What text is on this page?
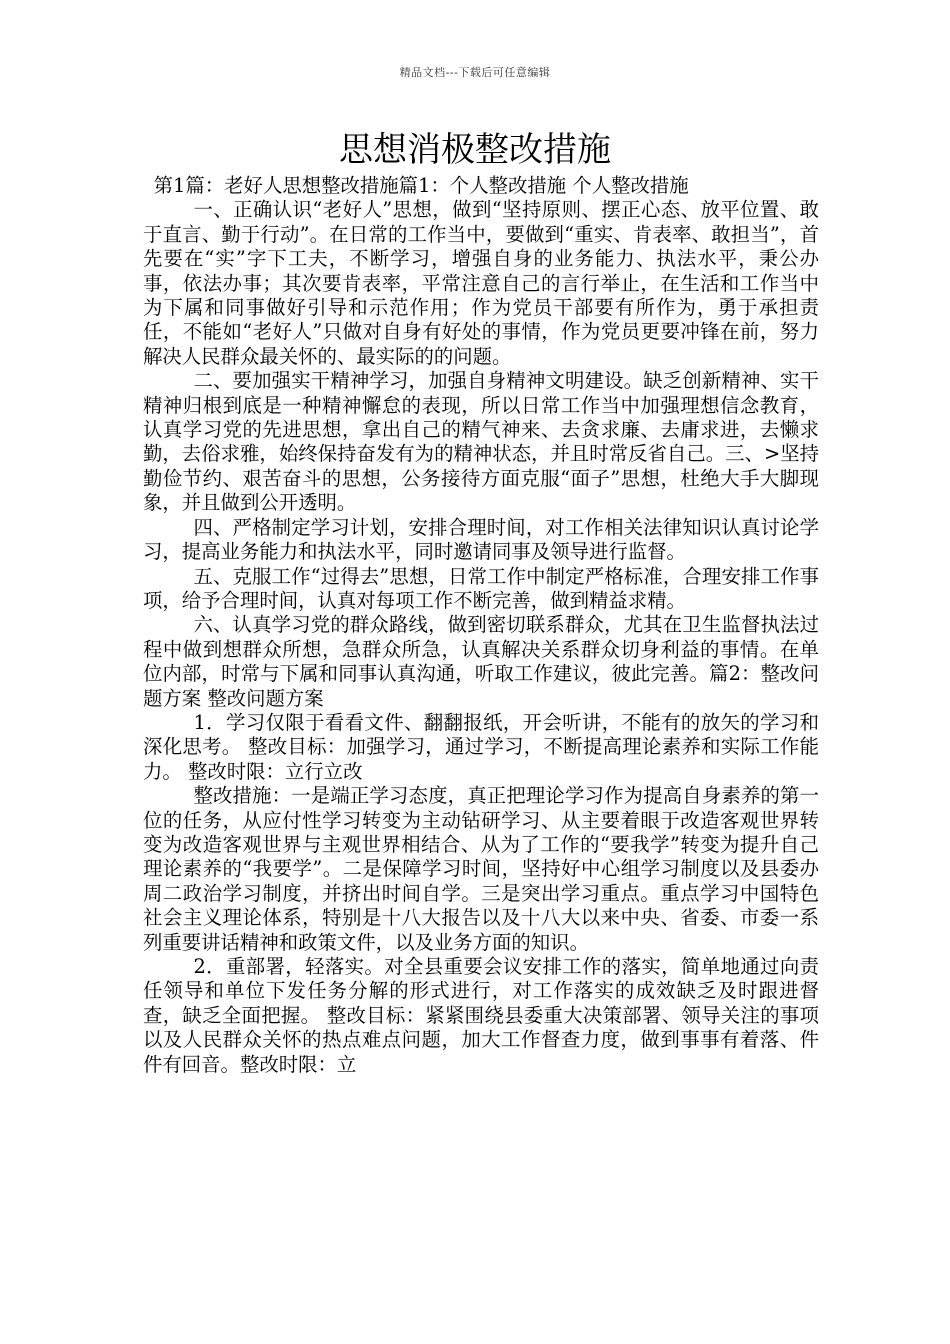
精品文档---下载后可任意编辑
思想消极整改措施

第1篇：老好人思想整改措施篇1：个人整改措施 个人整改措施

一、正确认识“老好人”思想，做到“坚持原则、摆正心态、放平位置、敢于直言、勤于行动”。在日常的工作当中，要做到“重实、肯表率、敢担当”，首先要在“实”字下工夫，不断学习，增强自身的业务能力、执法水平，秉公办事，依法办事；其次要肯表率，平常注意自己的言行举止，在生活和工作当中为下属和同事做好引导和示范作用；作为党员干部要有所作为，勇于承担责任，不能如“老好人”只做对自身有好处的事情，作为党员更要冲锋在前，努力解决人民群众最关怀的、最实际的的问题。

二、要加强实干精神学习，加强自身精神文明建设。缺乏创新精神、实干精神归根到底是一种精神懈怠的表现，所以日常工作当中加强理想信念教育，认真学习党的先进思想，拿出自己的精气神来、去贪求廉、去庸求进，去懒求勤，去俗求雅，始终保持奋发有为的精神状态，并且时常反省自己。三、>坚持勤俭节约、艰苦奋斗的思想，公务接待方面克服“面子”思想，杜绝大手大脚现象，并且做到公开透明。

四、严格制定学习计划，安排合理时间，对工作相关法律知识认真讨论学习，提高业务能力和执法水平，同时邀请同事及领导进行监督。

五、克服工作“过得去”思想，日常工作中制定严格标准，合理安排工作事项，给予合理时间，认真对每项工作不断完善，做到精益求精。

六、认真学习党的群众路线，做到密切联系群众，尤其在卫生监督执法过程中做到想群众所想，急群众所急，认真解决关系群众切身利益的事情。在单位内部，时常与下属和同事认真沟通，听取工作建议，彼此完善。篇2：整改问题方案 整改问题方案

1．学习仅限于看看文件、翻翻报纸，开会听讲，不能有的放矢的学习和深化思考。 整改目标：加强学习，通过学习，不断提高理论素养和实际工作能力。 整改时限：立行立改

整改措施：一是端正学习态度，真正把理论学习作为提高自身素养的第一位的任务，从应付性学习转变为主动钻研学习、从主要着眼于改造客观世界转变为改造客观世界与主观世界相结合、从为了工作的“要我学”转变为提升自己理论素养的“我要学”。二是保障学习时间，坚持好中心组学习制度以及县委办周二政治学习制度，并挤出时间自学。三是突出学习重点。重点学习中国特色社会主义理论体系，特别是十八大报告以及十八大以来中央、省委、市委一系列重要讲话精神和政策文件，以及业务方面的知识。

2．重部署，轻落实。对全县重要会议安排工作的落实，简单地通过向责任领导和单位下发任务分解的形式进行，对工作落实的成效缺乏及时跟进督查，缺乏全面把握。 整改目标：紧紧围绕县委重大决策部署、领导关注的事项以及人民群众关怀的热点难点问题，加大工作督查力度，做到事事有着落、件件有回音。整改时限：立
